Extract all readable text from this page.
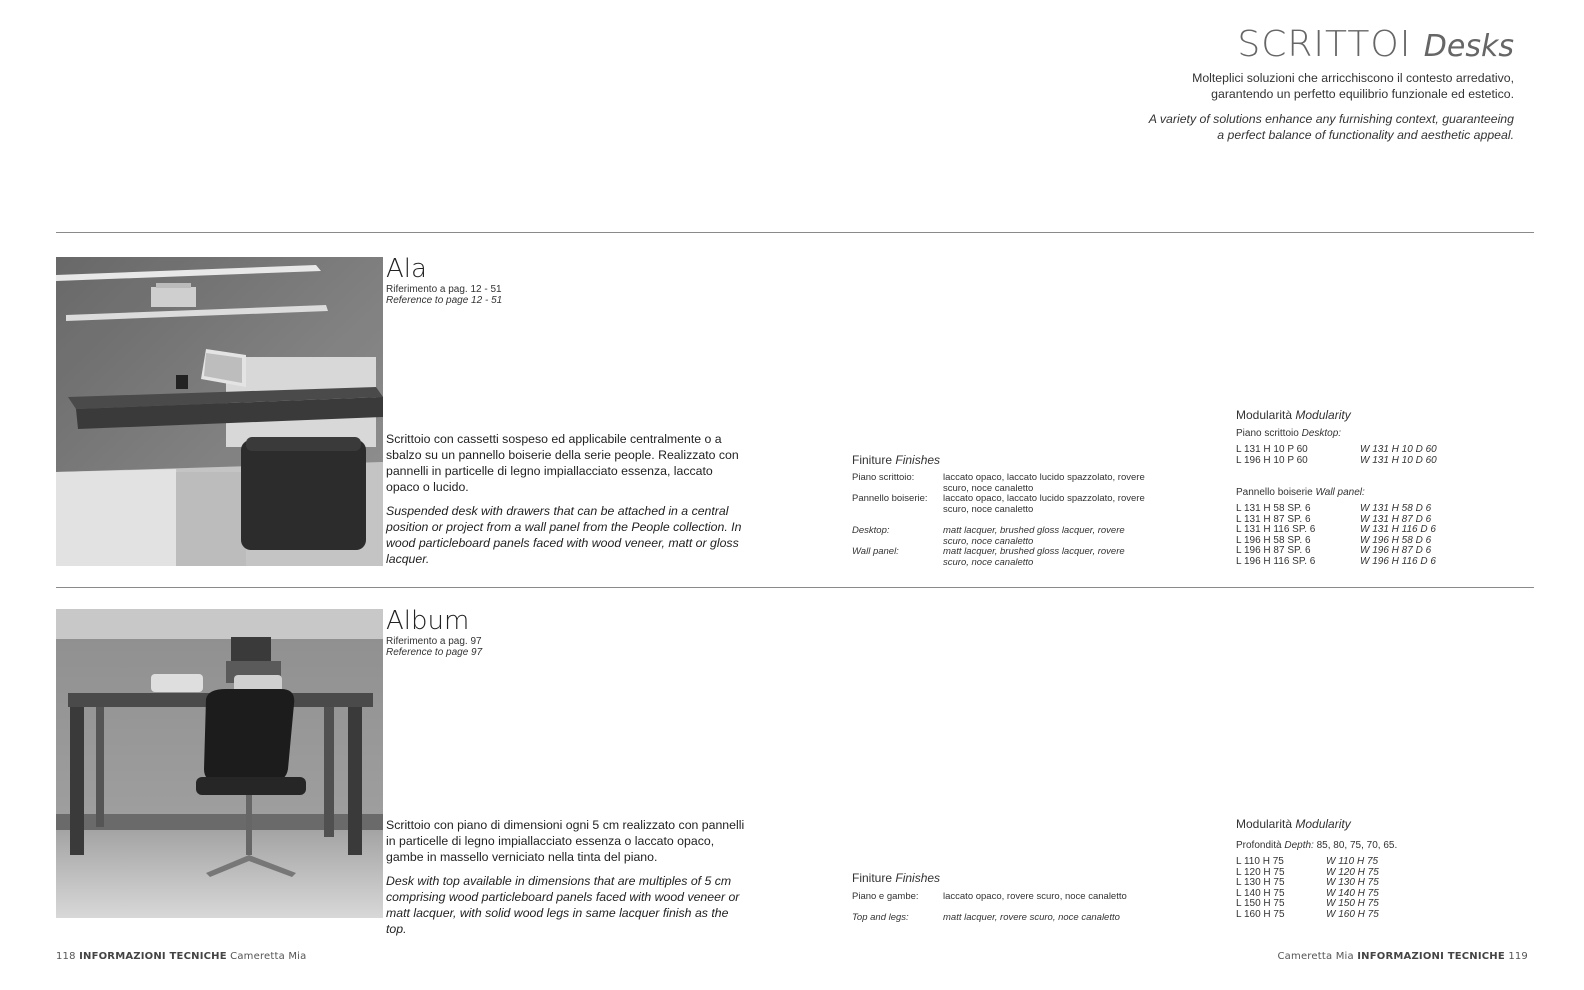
SCRITTOI Desks

Molteplici soluzioni che arricchiscono il contesto arredativo,
garantendo un perfetto equilibrio funzionale ed estetico.

A variety of solutions enhance any furnishing context, guaranteeing
a perfect balance of functionality and aesthetic appeal.

Ala
Riferimento a pag. 12 - 51
Reference to page 12 - 51

Scrittoio con cassetti sospeso ed applicabile centralmente o a sbalzo su un pannello boiserie della serie people. Realizzato con pannelli in particelle di legno impiallacciato essenza, laccato opaco o lucido.

Suspended desk with drawers that can be attached in a central position or project from a wall panel from the People collection. In wood particleboard panels faced with wood veneer, matt or gloss lacquer.

Finiture Finishes
Piano scrittoio:	laccato opaco, laccato lucido spazzolato, rovere scuro, noce canaletto
Pannello boiserie:	laccato opaco, laccato lucido spazzolato, rovere scuro, noce canaletto
Desktop:	matt lacquer, brushed gloss lacquer, rovere scuro, noce canaletto
Wall panel:	matt lacquer, brushed gloss lacquer, rovere scuro, noce canaletto
Modularità Modularity
Piano scrittoio Desktop:
L 131 H 10 P 60	W 131 H 10 D 60
L 196 H 10 P 60	W 131 H 10 D 60
Pannello boiserie Wall panel:
L 131 H 58 SP. 6	W 131 H 58 D 6
L 131 H 87 SP. 6	W 131 H 87 D 6
L 131 H 116 SP. 6	W 131 H 116 D 6
L 196 H 58 SP. 6	W 196 H 58 D 6
L 196 H 87 SP. 6	W 196 H 87 D 6
L 196 H 116 SP. 6	W 196 H 116 D 6
Album
Riferimento a pag. 97
Reference to page 97

Scrittoio con piano di dimensioni ogni 5 cm realizzato con pannelli in particelle di legno impiallacciato essenza o laccato opaco, gambe in massello verniciato nella tinta del piano.

Desk with top available in dimensions that are multiples of 5 cm comprising wood particleboard panels faced with wood veneer or matt lacquer, with solid wood legs in same lacquer finish as the top.

Finiture Finishes
Piano e gambe:	laccato opaco, rovere scuro, noce canaletto
Top and legs:	matt lacquer, rovere scuro, noce canaletto
Modularità Modularity
Profondità Depth: 85, 80, 75, 70, 65.
L 110 H 75	W 110 H 75
L 120 H 75	W 120 H 75
L 130 H 75	W 130 H 75
L 140 H 75	W 140 H 75
L 150 H 75	W 150 H 75
L 160 H 75	W 160 H 75
118 INFORMAZIONI TECNICHE Cameretta Mia	Cameretta Mia INFORMAZIONI TECNICHE 119
